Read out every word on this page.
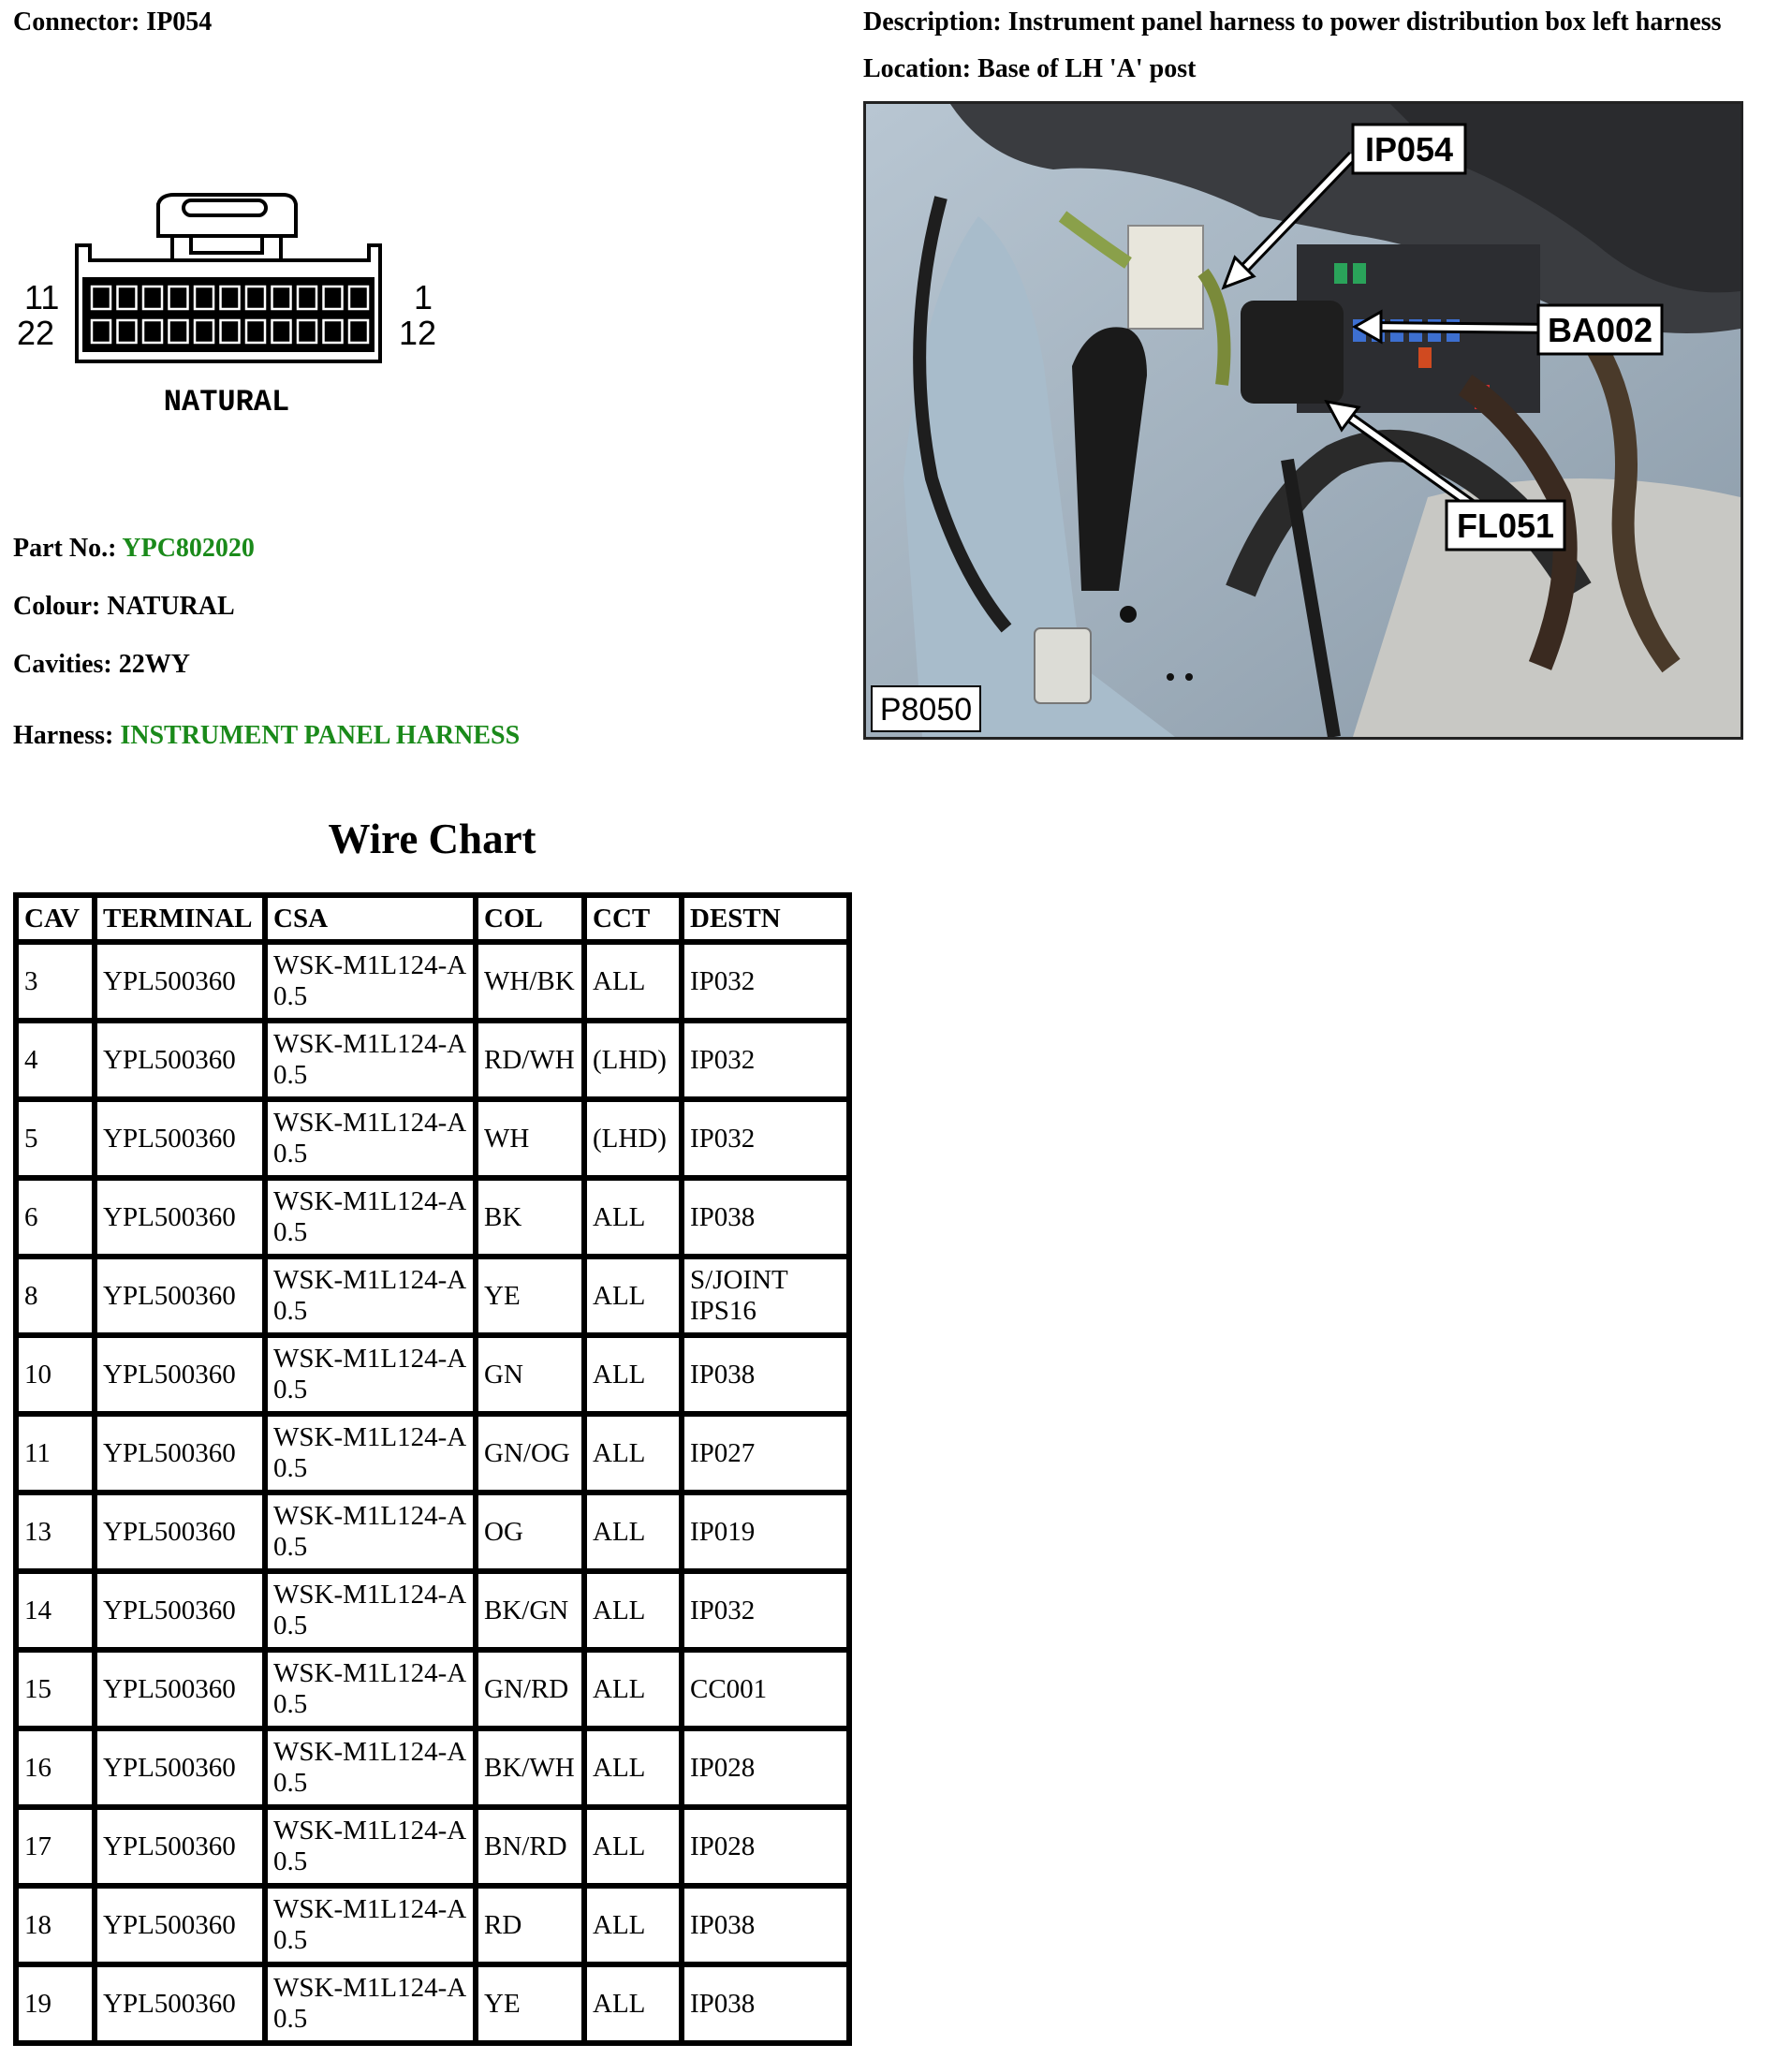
Connector: IP054	Description: Instrument panel harness to power distribution box left harness
Location: Base of LH 'A' post
11
22
1
12
NATURAL
Part No.: YPC802020
Colour: NATURAL
Cavities: 22WY
Harness: INSTRUMENT PANEL HARNESS
IP054
BA002
FL051
P8050
Wire Chart
CAV	TERMINAL	CSA	COL	CCT	DESTN
3	YPL500360	WSK-M1L124-A 0.5	WH/BK	ALL	IP032
4	YPL500360	WSK-M1L124-A 0.5	RD/WH	(LHD)	IP032
5	YPL500360	WSK-M1L124-A 0.5	WH	(LHD)	IP032
6	YPL500360	WSK-M1L124-A 0.5	BK	ALL	IP038
8	YPL500360	WSK-M1L124-A 0.5	YE	ALL	S/JOINT IPS16
10	YPL500360	WSK-M1L124-A 0.5	GN	ALL	IP038
11	YPL500360	WSK-M1L124-A 0.5	GN/OG	ALL	IP027
13	YPL500360	WSK-M1L124-A 0.5	OG	ALL	IP019
14	YPL500360	WSK-M1L124-A 0.5	BK/GN	ALL	IP032
15	YPL500360	WSK-M1L124-A 0.5	GN/RD	ALL	CC001
16	YPL500360	WSK-M1L124-A 0.5	BK/WH	ALL	IP028
17	YPL500360	WSK-M1L124-A 0.5	BN/RD	ALL	IP028
18	YPL500360	WSK-M1L124-A 0.5	RD	ALL	IP038
19	YPL500360	WSK-M1L124-A 0.5	YE	ALL	IP038
